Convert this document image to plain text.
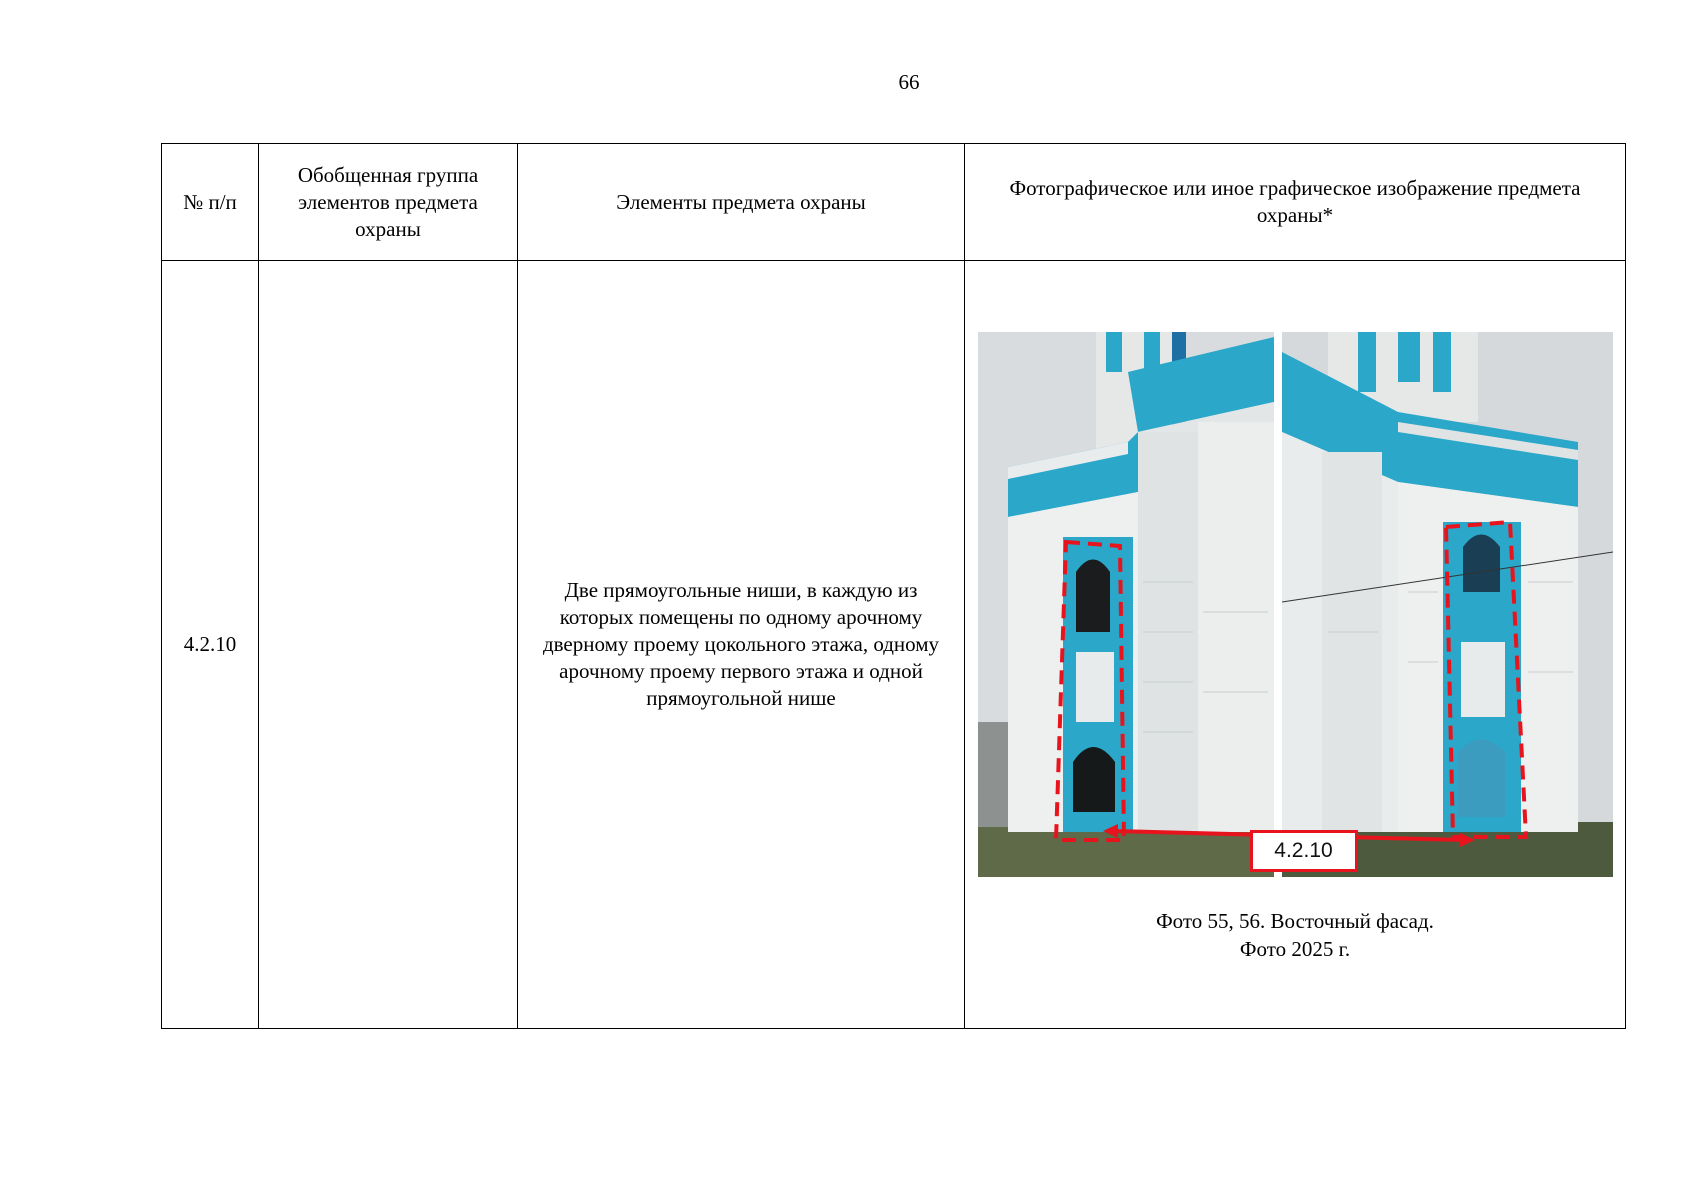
66
№ п/п	Обобщенная группа элементов предмета охраны	Элементы предмета охраны	Фотографическое или иное графическое изображение предмета охраны*
4.2.10		Две прямоугольные ниши, в каждую из которых помещены по одному арочному дверному проему цокольного этажа, одному арочному проему первого этажа и одной прямоугольной нише	4.2.10
Фото 55, 56. Восточный фасад.
Фото 2025 г.
